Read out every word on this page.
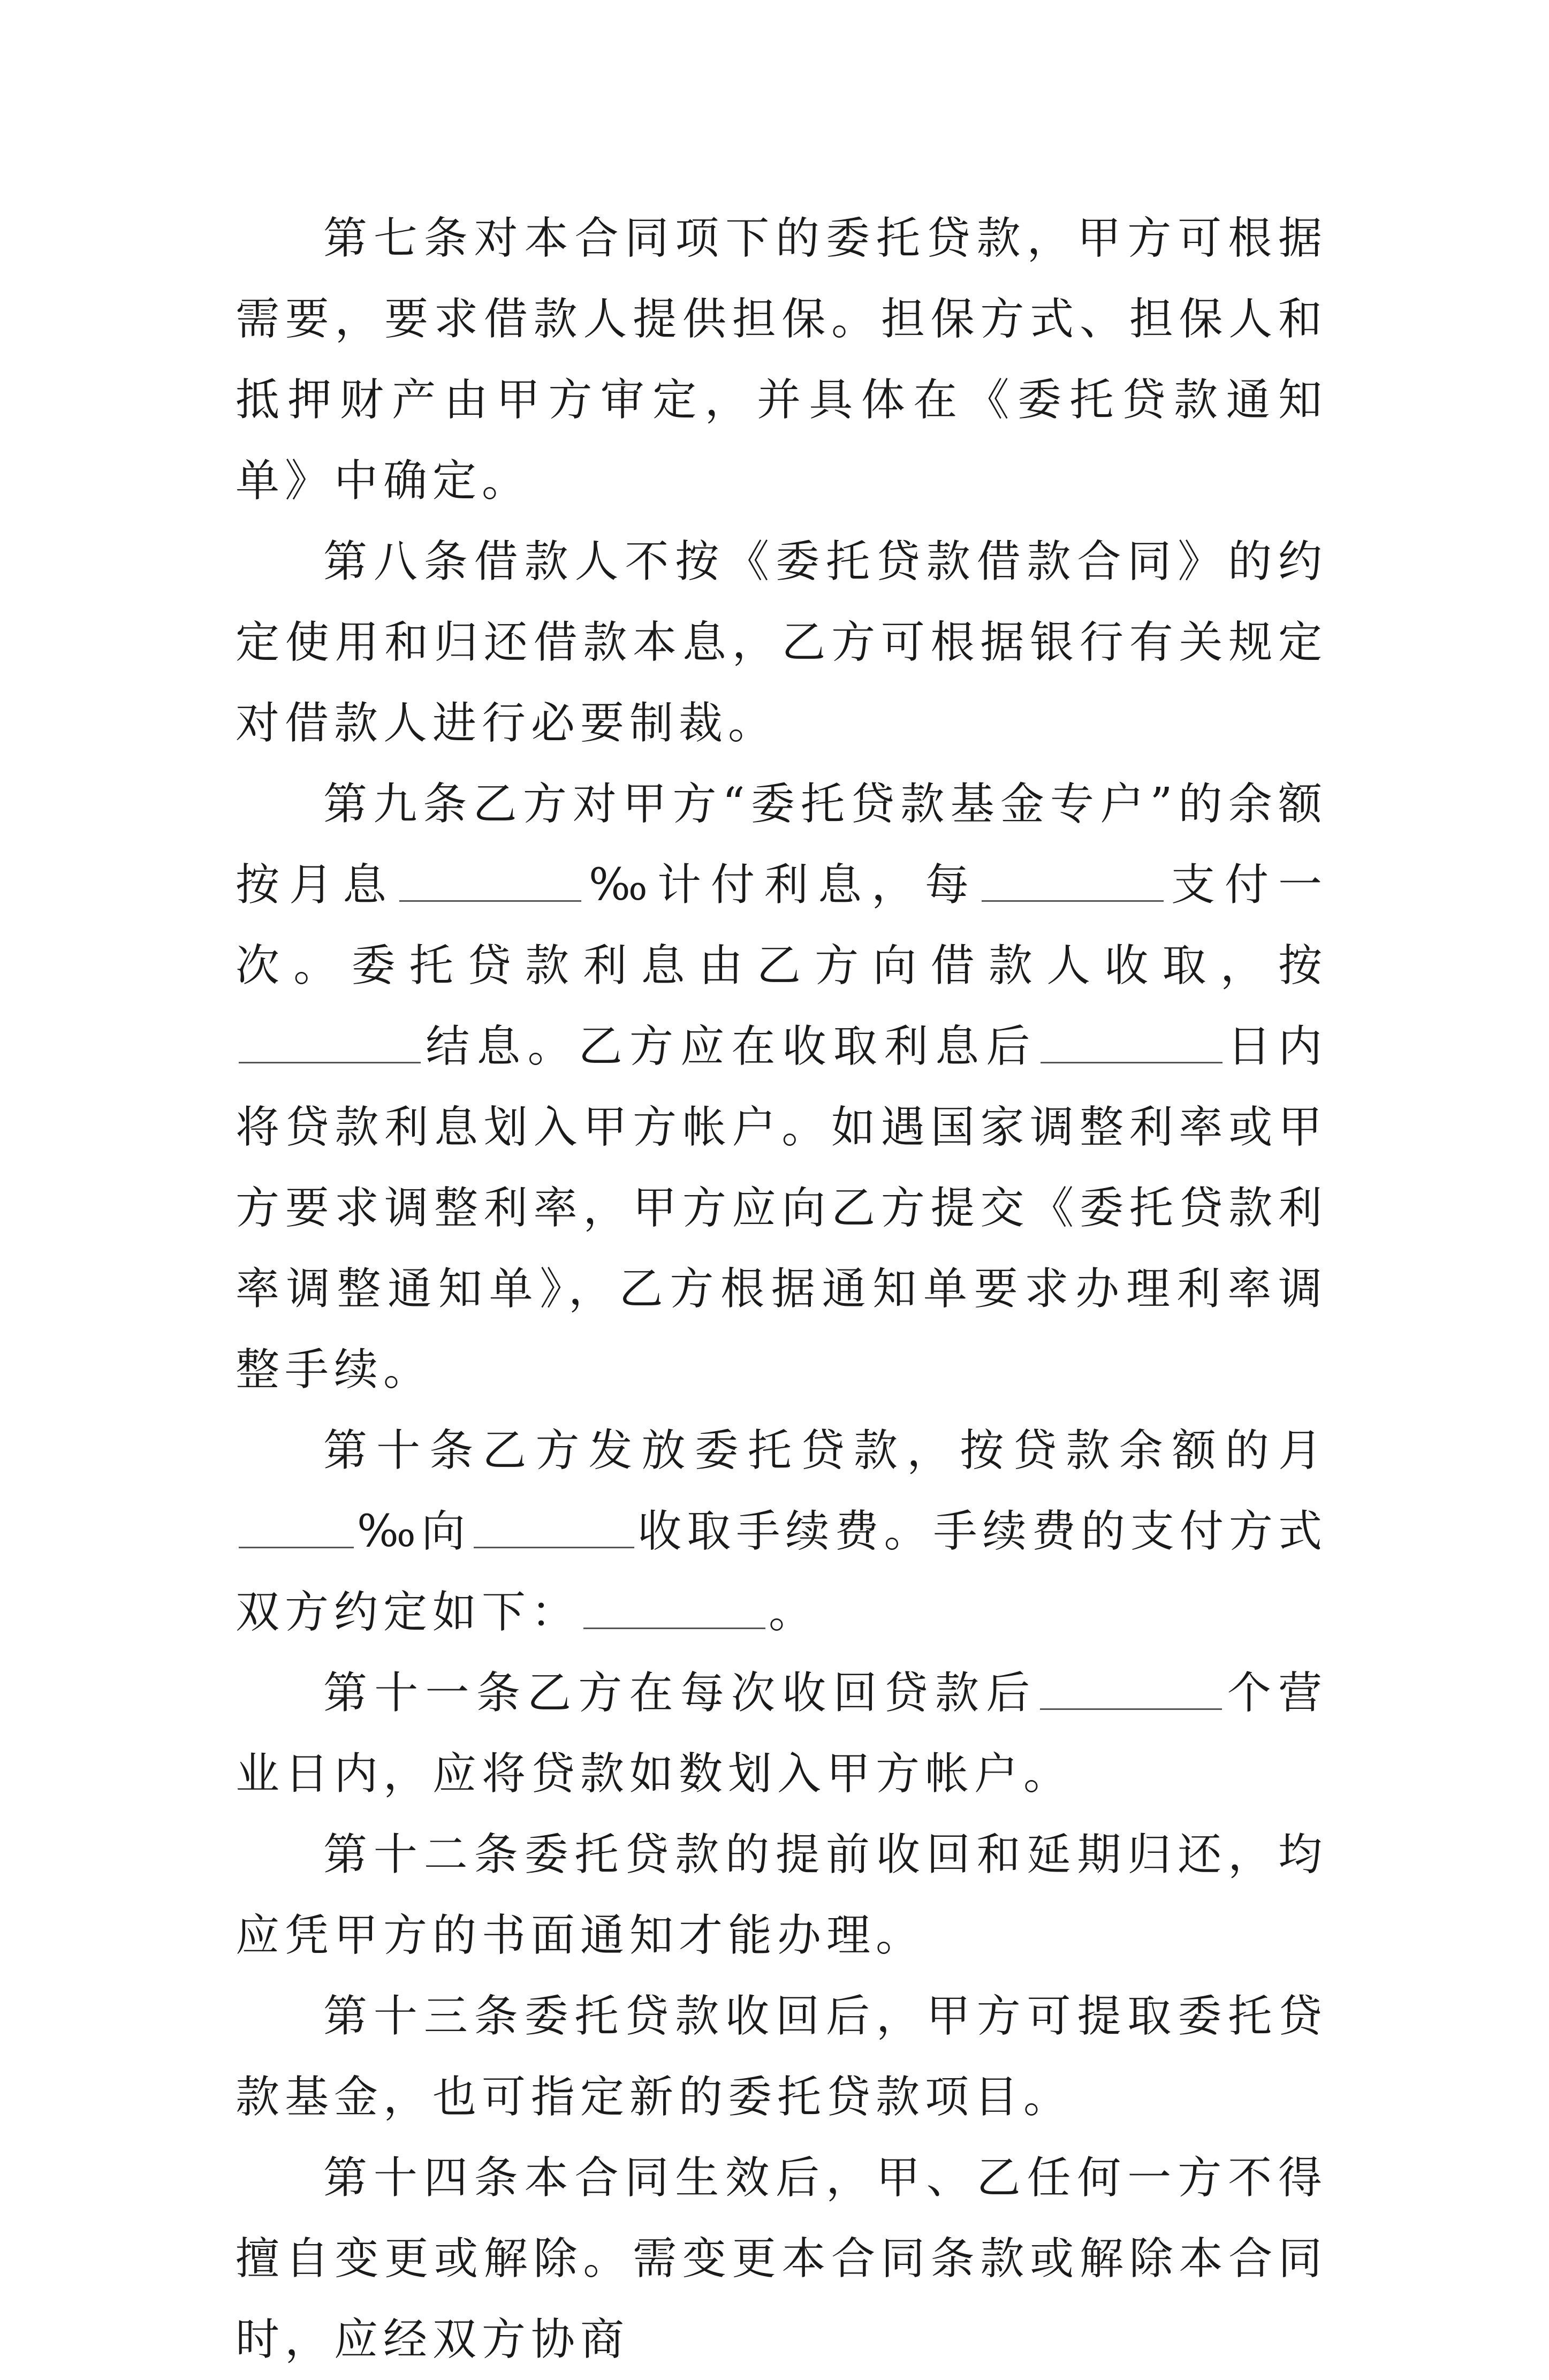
第七条对本合同项下的委托贷款，甲方可根据需要，要求借款人提供担保。担保方式、担保人和抵押财产由甲方审定，并具体在《委托贷款通知单》中确定。

第八条借款人不按《委托贷款借款合同》的约定使用和归还借款本息，乙方可根据银行有关规定对借款人进行必要制裁。

第九条乙方对甲方“委托贷款基金专户”的余额按月息	‰计付利息，每	支付一次。委托贷款利息由乙方向借款人收取，按结息。乙方应在收取利息后	日内将贷款利息划入甲方帐户。如遇国家调整利率或甲方要求调整利率，甲方应向乙方提交《委托贷款利率调整通知单》，乙方根据通知单要求办理利率调整手续。

第十条乙方发放委托贷款，按贷款余额的月‰向	收取手续费。手续费的支付方式双方约定如下：	。

第十一条乙方在每次收回贷款后	个营业日内，应将贷款如数划入甲方帐户。

第十二条委托贷款的提前收回和延期归还，均应凭甲方的书面通知才能办理。

第十三条委托贷款收回后，甲方可提取委托贷款基金，也可指定新的委托贷款项目。

第十四条本合同生效后，甲、乙任何一方不得擅自变更或解除。需变更本合同条款或解除本合同时，应经双方协商
